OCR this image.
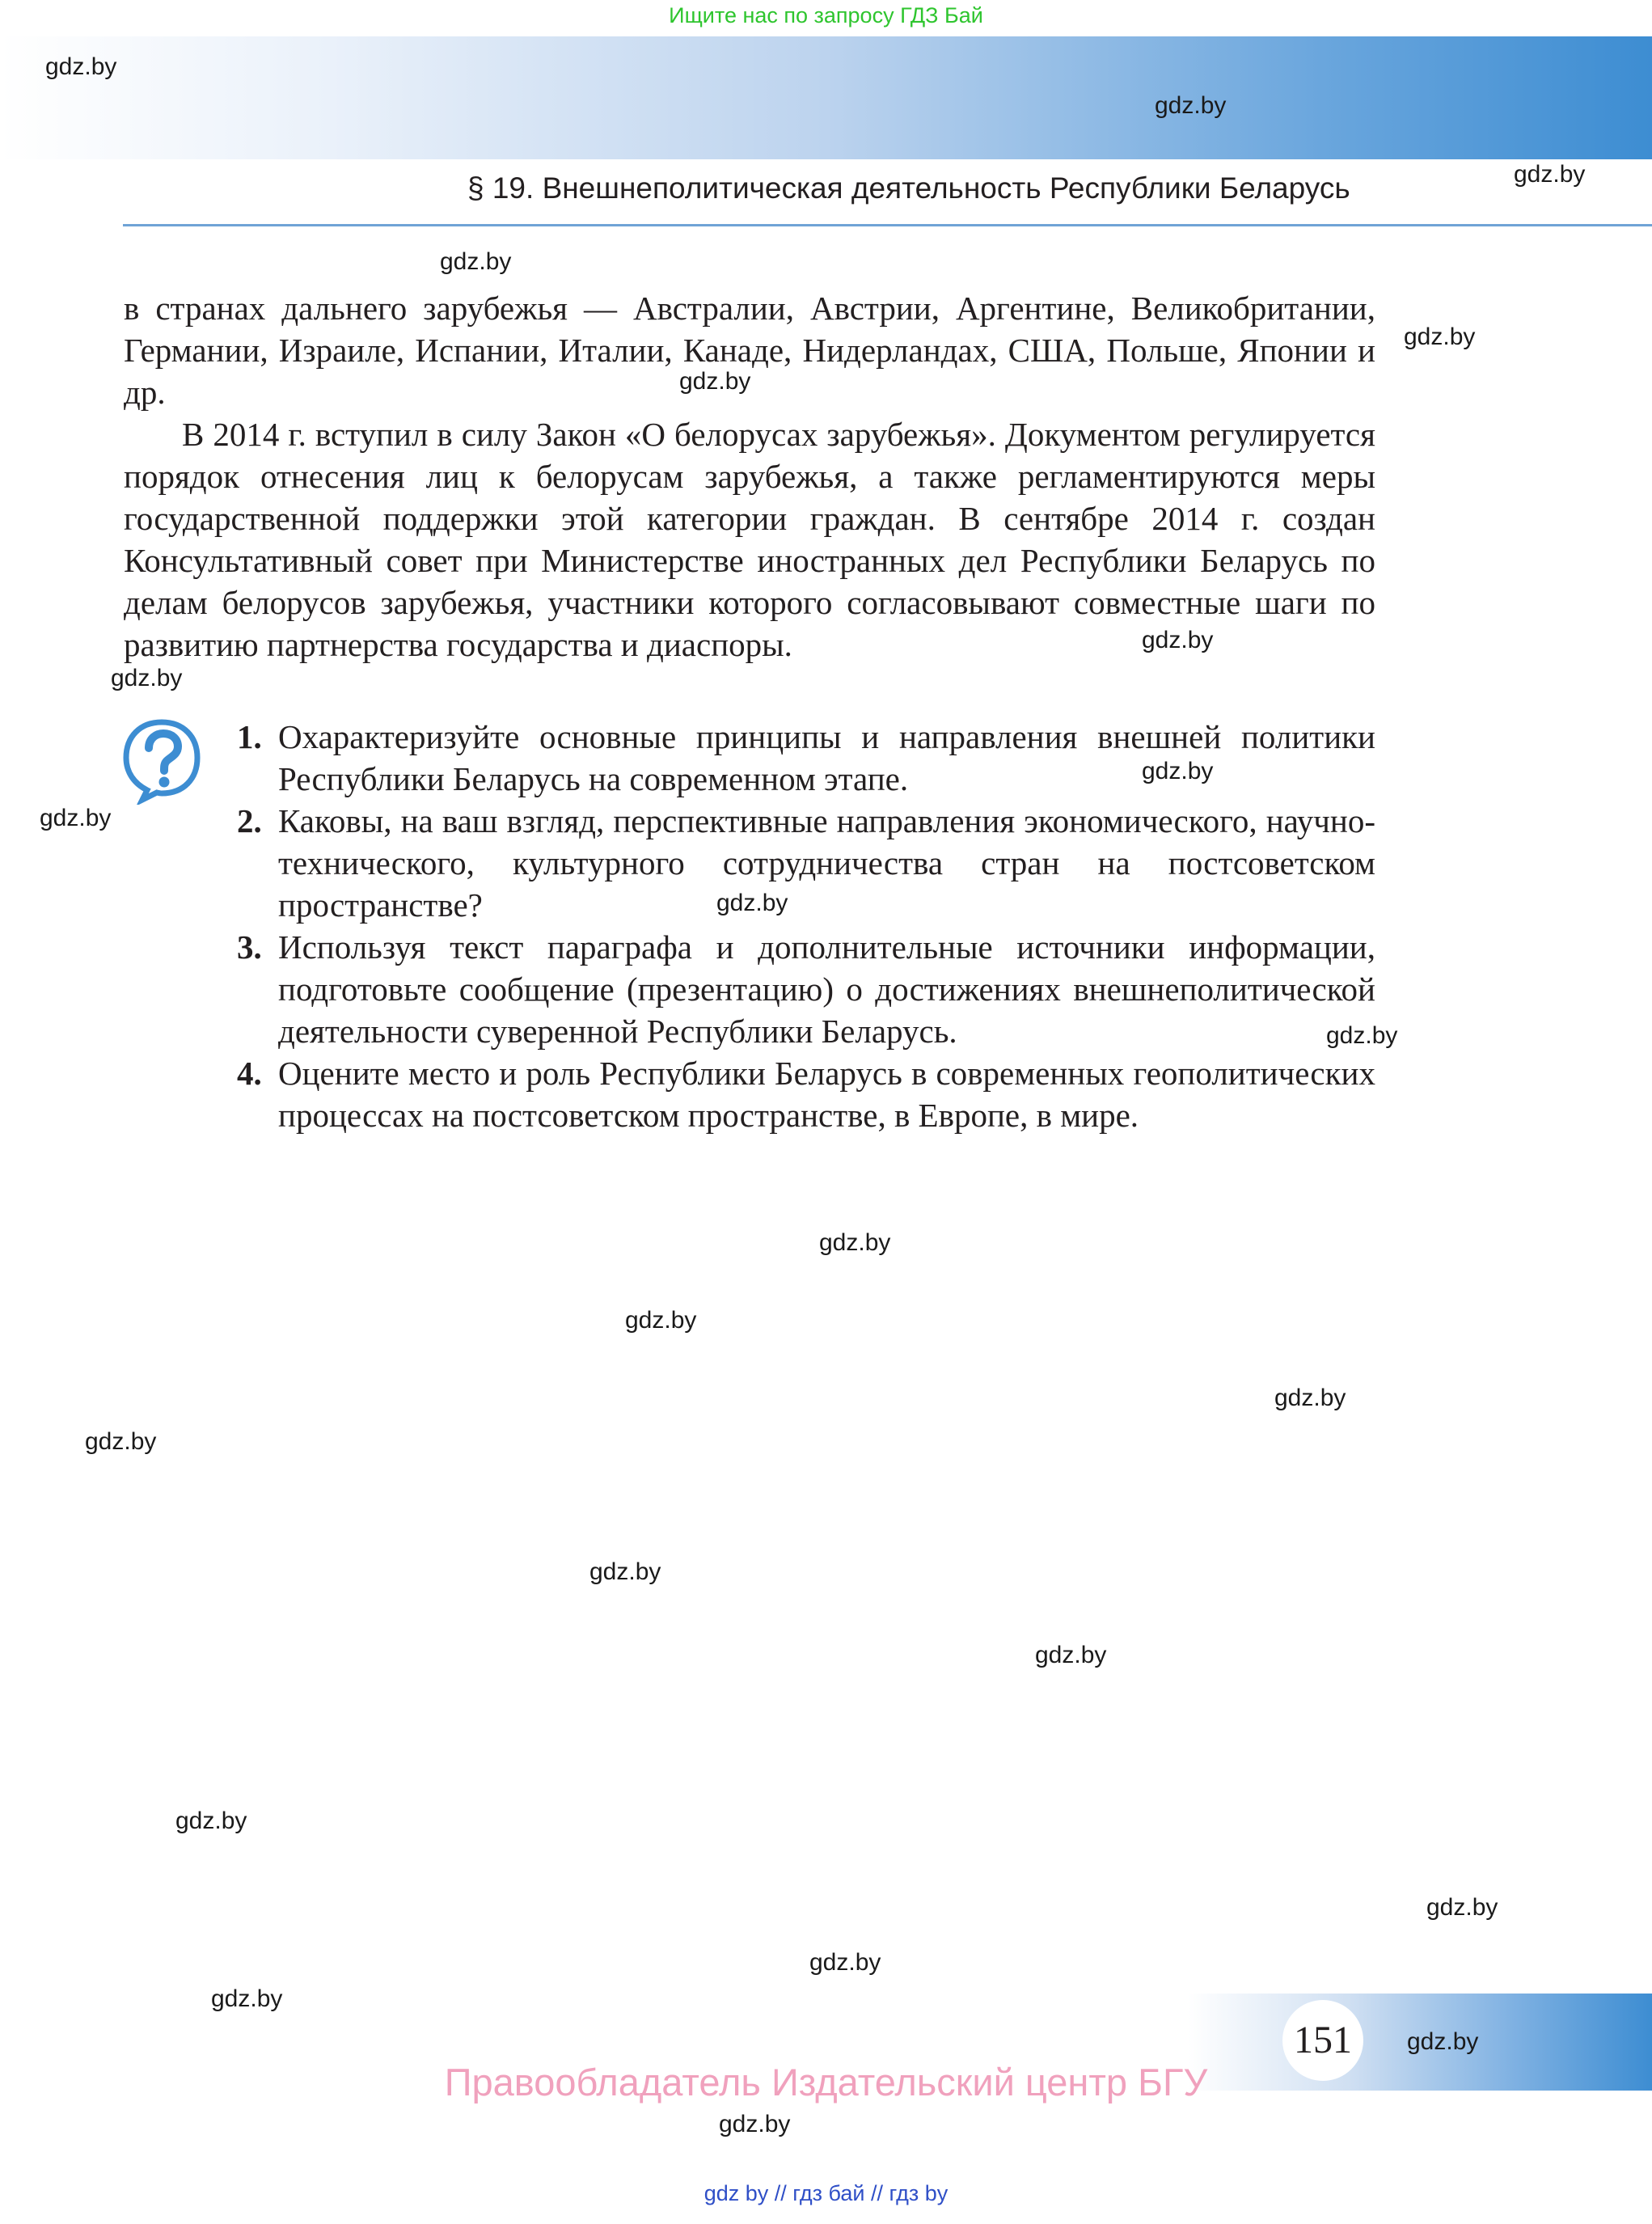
Ищите нас по запросу ГДЗ Бай
§ 19. Внешнеполитическая деятельность Республики Беларусь
в странах дальнего зарубежья — Австралии, Австрии, Аргентине, Великобритании, Германии, Израиле, Испании, Италии, Канаде, Нидерландах, США, Польше, Японии и др.
В 2014 г. вступил в силу Закон «О белорусах зарубежья». Документом регулируется порядок отнесения лиц к белорусам зарубежья, а также регламентируются меры государственной поддержки этой категории граждан. В сентябре 2014 г. создан Консультативный совет при Министерстве иностранных дел Республики Беларусь по делам белорусов зарубежья, участники которого согласовывают совместные шаги по развитию партнерства государства и диаспоры.
1. Охарактеризуйте основные принципы и направления внешней политики Республики Беларусь на современном этапе.
2. Каковы, на ваш взгляд, перспективные направления экономического, научно-технического, культурного сотрудничества стран на постсоветском пространстве?
3. Используя текст параграфа и дополнительные источники информации, подготовьте сообщение (презентацию) о достижениях внешнеполитической деятельности суверенной Республики Беларусь.
4. Оцените место и роль Республики Беларусь в современных геополитических процессах на постсоветском пространстве, в Европе, в мире.
gdz.by
gdz.by
gdz.by
gdz.by
gdz.by
gdz.by
gdz.by
gdz.by
gdz.by
gdz.by
gdz.by
gdz.by
gdz.by
gdz.by
gdz.by
gdz.by
gdz.by
gdz.by
gdz.by
gdz.by
gdz.by
gdz.by
151	gdz.by
Правообладатель Издательский центр БГУ
gdz.by
gdz by // гдз бай // гдз by
